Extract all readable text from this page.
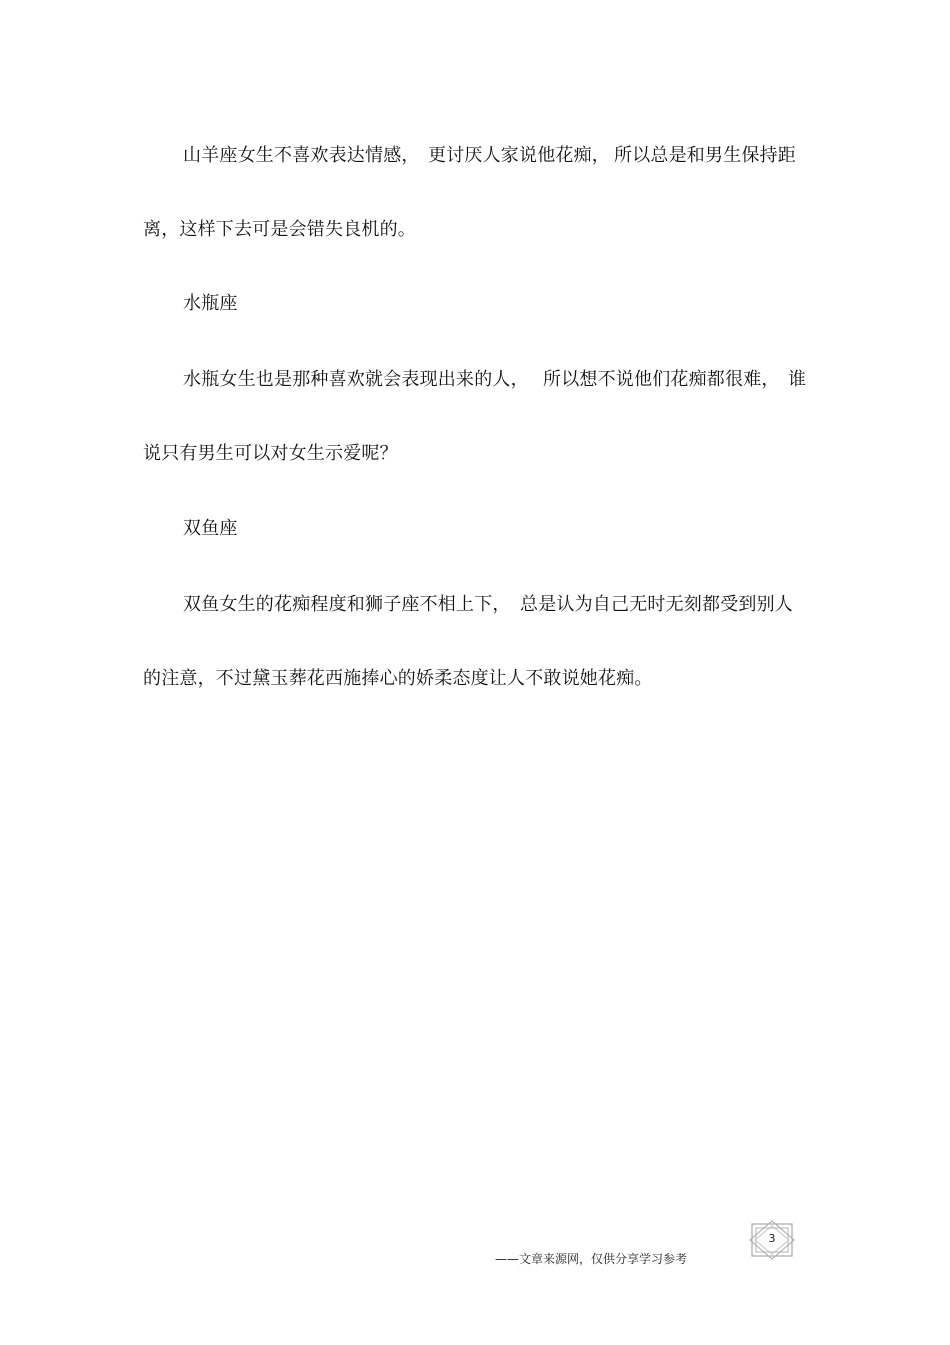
山羊座女生不喜欢表达情感，

更讨厌人家说他花痴，

所以总是和男生保持距

离，这样下去可是会错失良机的。
水瓶座

水瓶女生也是那种喜欢就会表现出来的人，

所以想不说他们花痴都很难，

谁

说只有男生可以对女生示爱呢？
双鱼座

双鱼女生的花痴程度和狮子座不相上下，

总是认为自己无时无刻都受到别人

的注意，不过黛玉葬花西施捧心的娇柔态度让人不敢说她花痴。
——文章来源网，仅供分享学习参考
3
